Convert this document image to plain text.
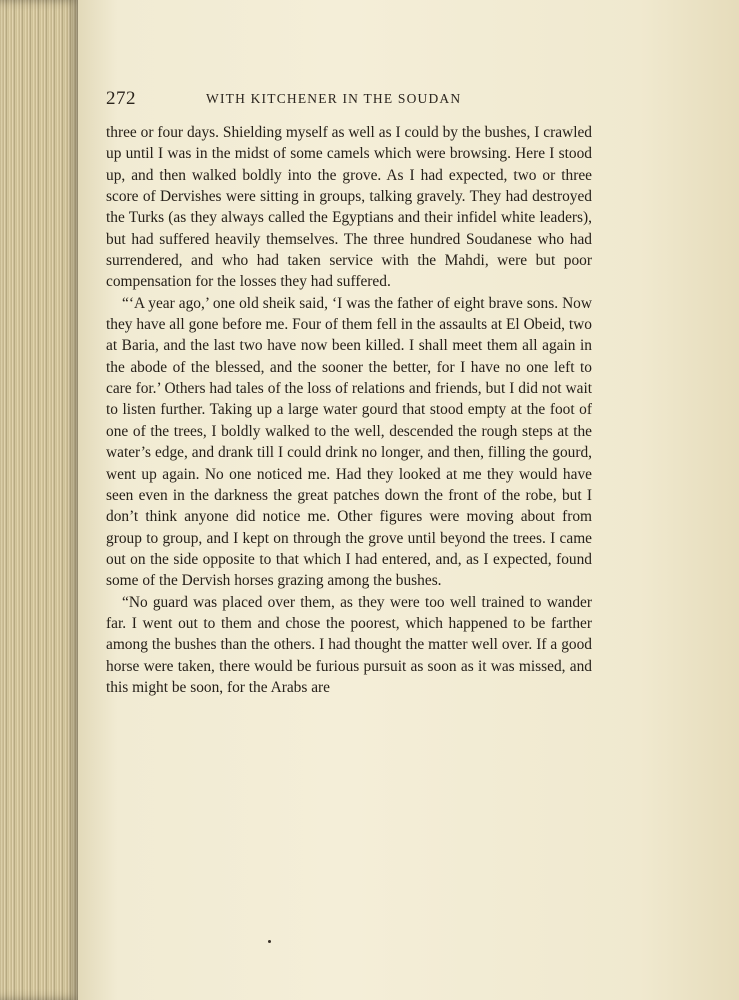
272	WITH KITCHENER IN THE SOUDAN

three or four days. Shielding myself as well as I could by the bushes, I crawled up until I was in the midst of some camels which were browsing. Here I stood up, and then walked boldly into the grove. As I had expected, two or three score of Dervishes were sitting in groups, talking gravely. They had destroyed the Turks (as they always called the Egyptians and their infidel white leaders), but had suffered heavily themselves. The three hundred Soudanese who had surrendered, and who had taken service with the Mahdi, were but poor compensation for the losses they had suffered.

“‘A year ago,’ one old sheik said, ‘I was the father of eight brave sons. Now they have all gone before me. Four of them fell in the assaults at El Obeid, two at Baria, and the last two have now been killed. I shall meet them all again in the abode of the blessed, and the sooner the better, for I have no one left to care for.’ Others had tales of the loss of relations and friends, but I did not wait to listen further. Taking up a large water gourd that stood empty at the foot of one of the trees, I boldly walked to the well, descended the rough steps at the water’s edge, and drank till I could drink no longer, and then, filling the gourd, went up again. No one noticed me. Had they looked at me they would have seen even in the darkness the great patches down the front of the robe, but I don’t think anyone did notice me. Other figures were moving about from group to group, and I kept on through the grove until beyond the trees. I came out on the side opposite to that which I had entered, and, as I expected, found some of the Dervish horses grazing among the bushes.

“No guard was placed over them, as they were too well trained to wander far. I went out to them and chose the poorest, which happened to be farther among the bushes than the others. I had thought the matter well over. If a good horse were taken, there would be furious pursuit as soon as it was missed, and this might be soon, for the Arabs are
